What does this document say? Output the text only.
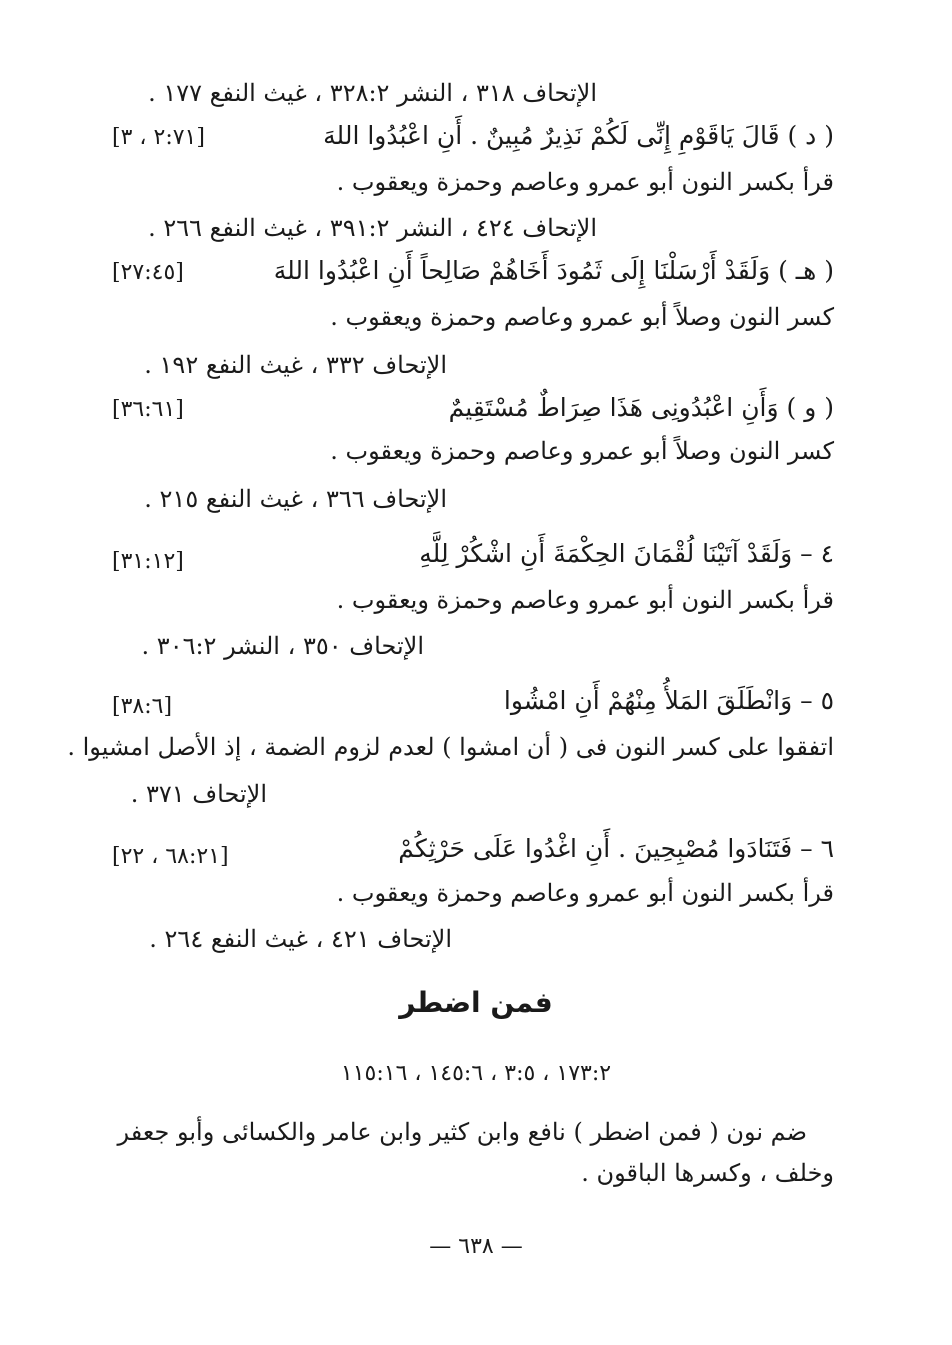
الإتحاف ٣١٨ ، النشر ٣٢٨:٢ ، غيث النفع ١٧٧ .
( د ) قَالَ يَاقَوْمِ إِنِّى لَكُمْ نَذِيرٌ مُبِينٌ . أَنِ اعْبُدُوا اللهَ
[٢:٧١ ، ٣]
قرأ بكسر النون أبو عمرو وعاصم وحمزة ويعقوب .
الإتحاف ٤٢٤ ، النشر ٣٩١:٢ ، غيث النفع ٢٦٦ .
( هـ ) وَلَقَدْ أَرْسَلْنَا إِلَى ثَمُودَ أَخَاهُمْ صَالِحاً أَنِ اعْبُدُوا اللهَ
[٢٧:٤٥]
كسر النون وصلاً أبو عمرو وعاصم وحمزة ويعقوب .
الإتحاف ٣٣٢ ، غيث النفع ١٩٢ .
( و ) وَأَنِ اعْبُدُونِى هَذَا صِرَاطٌ مُسْتَقِيمٌ
[٣٦:٦١]
كسر النون وصلاً أبو عمرو وعاصم وحمزة ويعقوب .
الإتحاف ٣٦٦ ، غيث النفع ٢١٥ .
٤ – وَلَقَدْ آتَيْنَا لُقْمَانَ الحِكْمَةَ أَنِ اشْكُرْ لِلَّهِ
[٣١:١٢]
قرأ بكسر النون أبو عمرو وعاصم وحمزة ويعقوب .
الإتحاف ٣٥٠ ، النشر ٣٠٦:٢ .
٥ – وَانْطَلَقَ المَلأُ مِنْهُمْ أَنِ امْشُوا
[٣٨:٦]
اتفقوا على كسر النون فى ( أن امشوا ) لعدم لزوم الضمة ، إذ الأصل امشيوا .
الإتحاف ٣٧١ .
٦ – فَتَنَادَوا مُصْبِحِينَ . أَنِ اغْدُوا عَلَى حَرْثِكُمْ
[٦٨:٢١ ، ٢٢]
قرأ بكسر النون أبو عمرو وعاصم وحمزة ويعقوب .
الإتحاف ٤٢١ ، غيث النفع ٢٦٤ .
فمن اضطر
١٧٣:٢ ، ٣:٥ ، ١٤٥:٦ ، ١١٥:١٦
ضم نون ( فمن اضطر ) نافع وابن كثير وابن عامر والكسائى وأبو جعفر
وخلف ، وكسرها الباقون .
— ٦٣٨ —
